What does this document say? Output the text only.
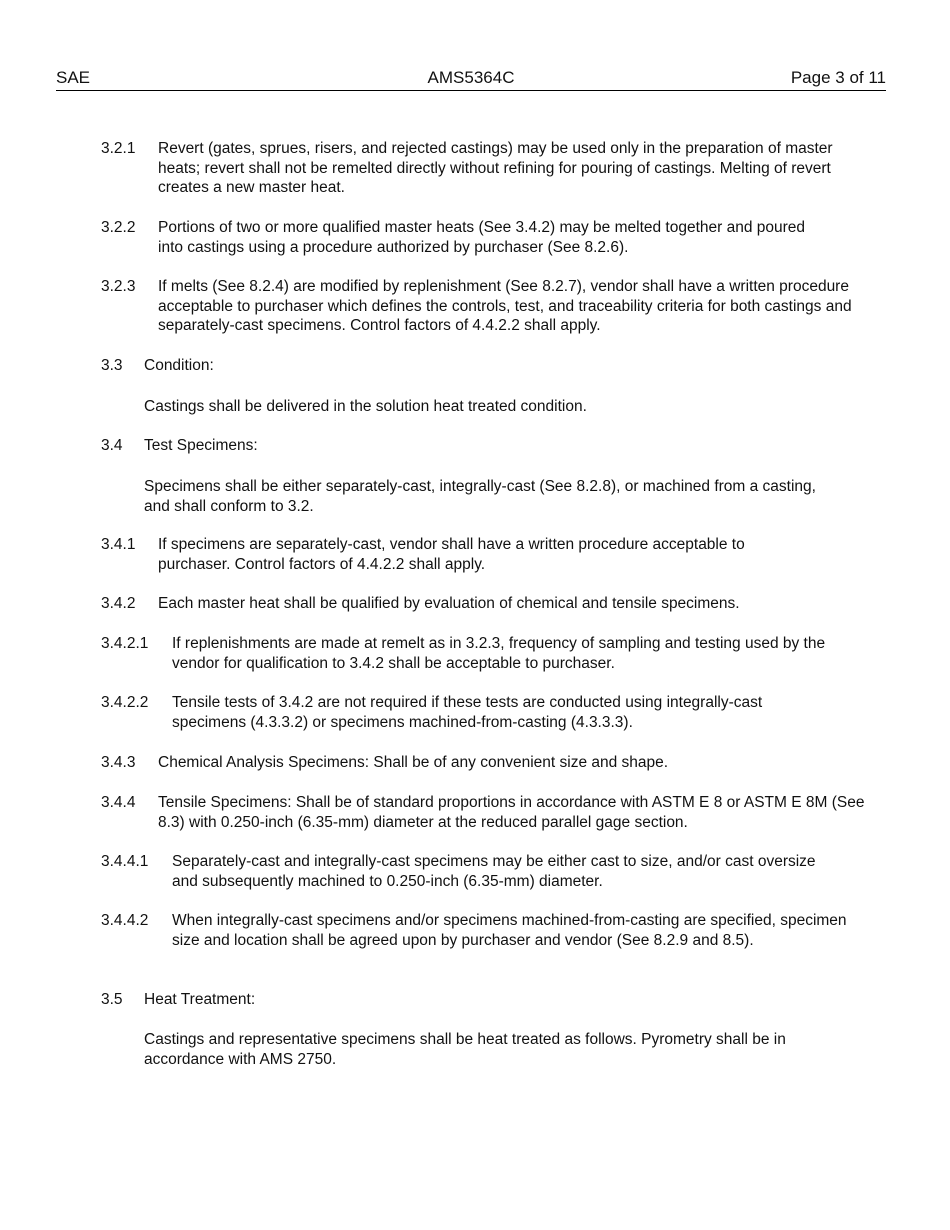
SAE	AMS5364C	Page 3 of 11
3.2.1 Revert (gates, sprues, risers, and rejected castings) may be used only in the preparation of master heats; revert shall not be remelted directly without refining for pouring of castings. Melting of revert creates a new master heat.
3.2.2 Portions of two or more qualified master heats (See 3.4.2) may be melted together and poured into castings using a procedure authorized by purchaser (See 8.2.6).
3.2.3 If melts (See 8.2.4) are modified by replenishment (See 8.2.7), vendor shall have a written procedure acceptable to purchaser which defines the controls, test, and traceability criteria for both castings and separately-cast specimens. Control factors of 4.4.2.2 shall apply.
3.3 Condition:
Castings shall be delivered in the solution heat treated condition.
3.4 Test Specimens:
Specimens shall be either separately-cast, integrally-cast (See 8.2.8), or machined from a casting, and shall conform to 3.2.
3.4.1 If specimens are separately-cast, vendor shall have a written procedure acceptable to purchaser. Control factors of 4.4.2.2 shall apply.
3.4.2 Each master heat shall be qualified by evaluation of chemical and tensile specimens.
3.4.2.1 If replenishments are made at remelt as in 3.2.3, frequency of sampling and testing used by the vendor for qualification to 3.4.2 shall be acceptable to purchaser.
3.4.2.2 Tensile tests of 3.4.2 are not required if these tests are conducted using integrally-cast specimens (4.3.3.2) or specimens machined-from-casting (4.3.3.3).
3.4.3 Chemical Analysis Specimens: Shall be of any convenient size and shape.
3.4.4 Tensile Specimens: Shall be of standard proportions in accordance with ASTM E 8 or ASTM E 8M (See 8.3) with 0.250-inch (6.35-mm) diameter at the reduced parallel gage section.
3.4.4.1 Separately-cast and integrally-cast specimens may be either cast to size, and/or cast oversize and subsequently machined to 0.250-inch (6.35-mm) diameter.
3.4.4.2 When integrally-cast specimens and/or specimens machined-from-casting are specified, specimen size and location shall be agreed upon by purchaser and vendor (See 8.2.9 and 8.5).
3.5 Heat Treatment:
Castings and representative specimens shall be heat treated as follows. Pyrometry shall be in accordance with AMS 2750.
